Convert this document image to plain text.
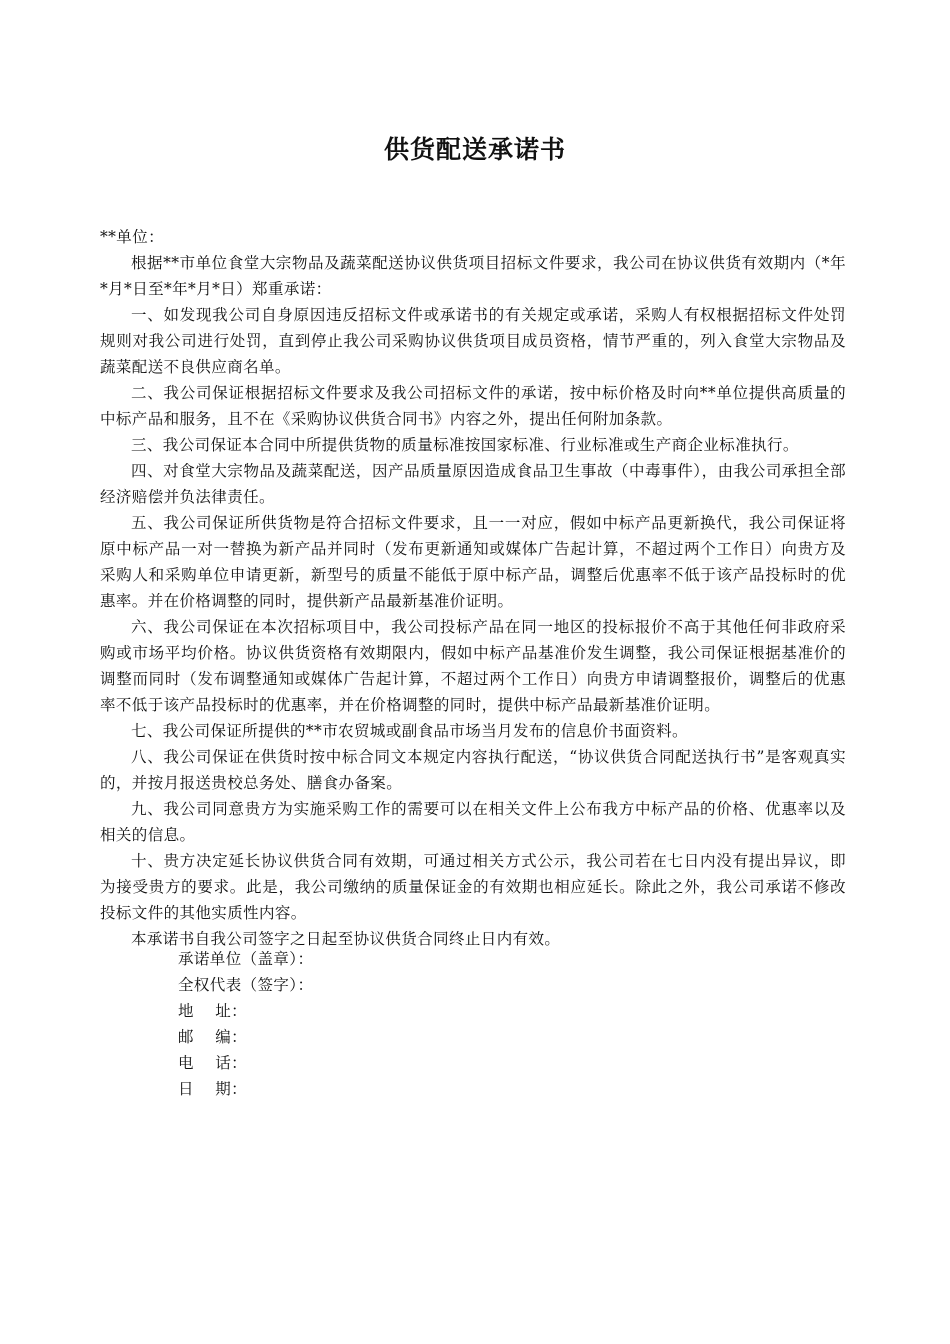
供货配送承诺书

**单位：

根据**市单位食堂大宗物品及蔬菜配送协议供货项目招标文件要求，我公司在协议供货有效期内（*年*月*日至*年*月*日）郑重承诺：

一、如发现我公司自身原因违反招标文件或承诺书的有关规定或承诺，采购人有权根据招标文件处罚规则对我公司进行处罚，直到停止我公司采购协议供货项目成员资格，情节严重的，列入食堂大宗物品及蔬菜配送不良供应商名单。

二、我公司保证根据招标文件要求及我公司招标文件的承诺，按中标价格及时向**单位提供高质量的中标产品和服务，且不在《采购协议供货合同书》内容之外，提出任何附加条款。

三、我公司保证本合同中所提供货物的质量标准按国家标准、行业标准或生产商企业标准执行。

四、对食堂大宗物品及蔬菜配送，因产品质量原因造成食品卫生事故（中毒事件），由我公司承担全部经济赔偿并负法律责任。

五、我公司保证所供货物是符合招标文件要求，且一一对应，假如中标产品更新换代，我公司保证将原中标产品一对一替换为新产品并同时（发布更新通知或媒体广告起计算，不超过两个工作日）向贵方及采购人和采购单位申请更新，新型号的质量不能低于原中标产品，调整后优惠率不低于该产品投标时的优惠率。并在价格调整的同时，提供新产品最新基准价证明。

六、我公司保证在本次招标项目中，我公司投标产品在同一地区的投标报价不高于其他任何非政府采购或市场平均价格。协议供货资格有效期限内，假如中标产品基准价发生调整，我公司保证根据基准价的调整而同时（发布调整通知或媒体广告起计算，不超过两个工作日）向贵方申请调整报价，调整后的优惠率不低于该产品投标时的优惠率，并在价格调整的同时，提供中标产品最新基准价证明。

七、我公司保证所提供的**市农贸城或副食品市场当月发布的信息价书面资料。

八、我公司保证在供货时按中标合同文本规定内容执行配送，“协议供货合同配送执行书”是客观真实的，并按月报送贵校总务处、膳食办备案。

九、我公司同意贵方为实施采购工作的需要可以在相关文件上公布我方中标产品的价格、优惠率以及相关的信息。

十、贵方决定延长协议供货合同有效期，可通过相关方式公示，我公司若在七日内没有提出异议，即为接受贵方的要求。此是，我公司缴纳的质量保证金的有效期也相应延长。除此之外，我公司承诺不修改投标文件的其他实质性内容。

本承诺书自我公司签字之日起至协议供货合同终止日内有效。

承诺单位（盖章）：

全权代表（签字）：

地    址：

邮    编：

电    话：

日    期：
